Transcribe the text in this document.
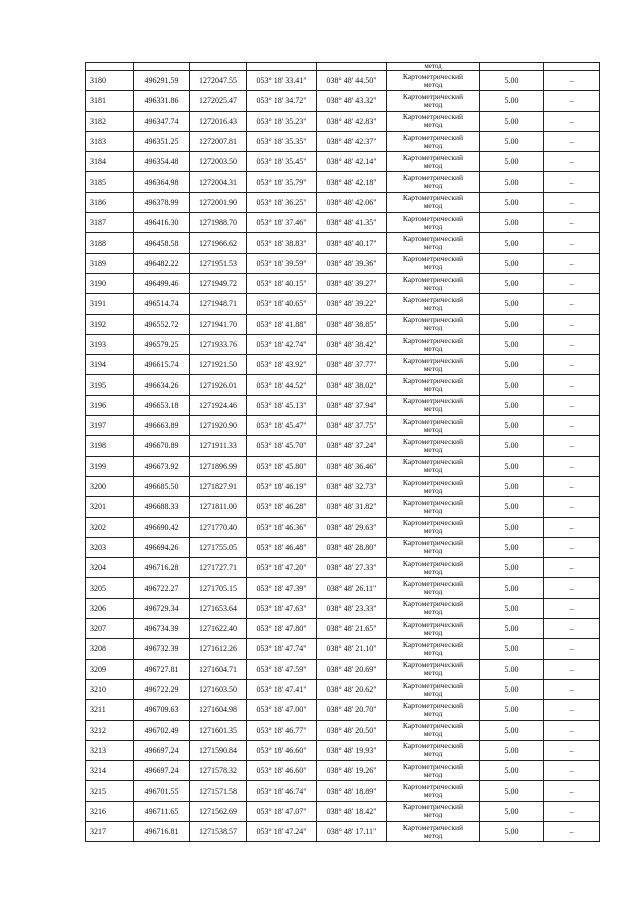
					метод		
3180	496291.59	1272047.55	053° 18' 33.41"	038° 48' 44.50"	Картометрический
метод	5.00	–
3181	496331.86	1272025.47	053° 18' 34.72"	038° 48' 43.32"	Картометрический
метод	5.00	–
3182	496347.74	1272016.43	053° 18' 35.23"	038° 48' 42.83"	Картометрический
метод	5.00	–
3183	496351.25	1272007.81	053° 18' 35.35"	038° 48' 42.37"	Картометрический
метод	5.00	–
3184	496354.48	1272003.50	053° 18' 35.45"	038° 48' 42.14"	Картометрический
метод	5.00	–
3185	496364.98	1272004.31	053° 18' 35.79"	038° 48' 42.18"	Картометрический
метод	5.00	–
3186	496378.99	1272001.90	053° 18' 36.25"	038° 48' 42.06"	Картометрический
метод	5.00	–
3187	496416.30	1271988.70	053° 18' 37.46"	038° 48' 41.35"	Картометрический
метод	5.00	–
3188	496458.58	1271966.62	053° 18' 38.83"	038° 48' 40.17"	Картометрический
метод	5.00	–
3189	496482.22	1271951.53	053° 18' 39.59"	038° 48' 39.36"	Картометрический
метод	5.00	–
3190	496499.46	1271949.72	053° 18' 40.15"	038° 48' 39.27"	Картометрический
метод	5.00	–
3191	496514.74	1271948.71	053° 18' 40.65"	038° 48' 39.22"	Картометрический
метод	5.00	–
3192	496552.72	1271941.70	053° 18' 41.88"	038° 48' 38.85"	Картометрический
метод	5.00	–
3193	496579.25	1271933.76	053° 18' 42.74"	038° 48' 38.42"	Картометрический
метод	5.00	–
3194	496615.74	1271921.50	053° 18' 43.92"	038° 48' 37.77"	Картометрический
метод	5.00	–
3195	496634.26	1271926.01	053° 18' 44.52"	038° 48' 38.02"	Картометрический
метод	5.00	–
3196	496653.18	1271924.46	053° 18' 45.13"	038° 48' 37.94"	Картометрический
метод	5.00	–
3197	496663.89	1271920.90	053° 18' 45.47"	038° 48' 37.75"	Картометрический
метод	5.00	–
3198	496670.89	1271911.33	053° 18' 45.70"	038° 48' 37.24"	Картометрический
метод	5.00	–
3199	496673.92	1271896.99	053° 18' 45.80"	038° 48' 36.46"	Картометрический
метод	5.00	–
3200	496685.50	1271827.91	053° 18' 46.19"	038° 48' 32.73"	Картометрический
метод	5.00	–
3201	496688.33	1271811.00	053° 18' 46.28"	038° 48' 31.82"	Картометрический
метод	5.00	–
3202	496690.42	1271770.40	053° 18' 46.36"	038° 48' 29.63"	Картометрический
метод	5.00	–
3203	496694.26	1271755.05	053° 18' 46.48"	038° 48' 28.80"	Картометрический
метод	5.00	–
3204	496716.28	1271727.71	053° 18' 47.20"	038° 48' 27.33"	Картометрический
метод	5.00	–
3205	496722.27	1271705.15	053° 18' 47.39"	038° 48' 26.11"	Картометрический
метод	5.00	–
3206	496729.34	1271653.64	053° 18' 47.63"	038° 48' 23.33"	Картометрический
метод	5.00	–
3207	496734.39	1271622.40	053° 18' 47.80"	038° 48' 21.65"	Картометрический
метод	5.00	–
3208	496732.39	1271612.26	053° 18' 47.74"	038° 48' 21.10"	Картометрический
метод	5.00	–
3209	496727.81	1271604.71	053° 18' 47.59"	038° 48' 20.69"	Картометрический
метод	5.00	–
3210	496722.29	1271603.50	053° 18' 47.41"	038° 48' 20.62"	Картометрический
метод	5.00	–
3211	496709.63	1271604.98	053° 18' 47.00"	038° 48' 20.70"	Картометрический
метод	5.00	–
3212	496702.49	1271601.35	053° 18' 46.77"	038° 48' 20.50"	Картометрический
метод	5.00	–
3213	496697.24	1271590.84	053° 18' 46.60"	038° 48' 19.93"	Картометрический
метод	5.00	–
3214	496697.24	1271578.32	053° 18' 46.60"	038° 48' 19.26"	Картометрический
метод	5.00	–
3215	496701.55	1271571.58	053° 18' 46.74"	038° 48' 18.89"	Картометрический
метод	5.00	–
3216	496711.65	1271562.69	053° 18' 47.07"	038° 48' 18.42"	Картометрический
метод	5.00	–
3217	496716.81	1271538.57	053° 18' 47.24"	038° 48' 17.11"	Картометрический
метод	5.00	–
